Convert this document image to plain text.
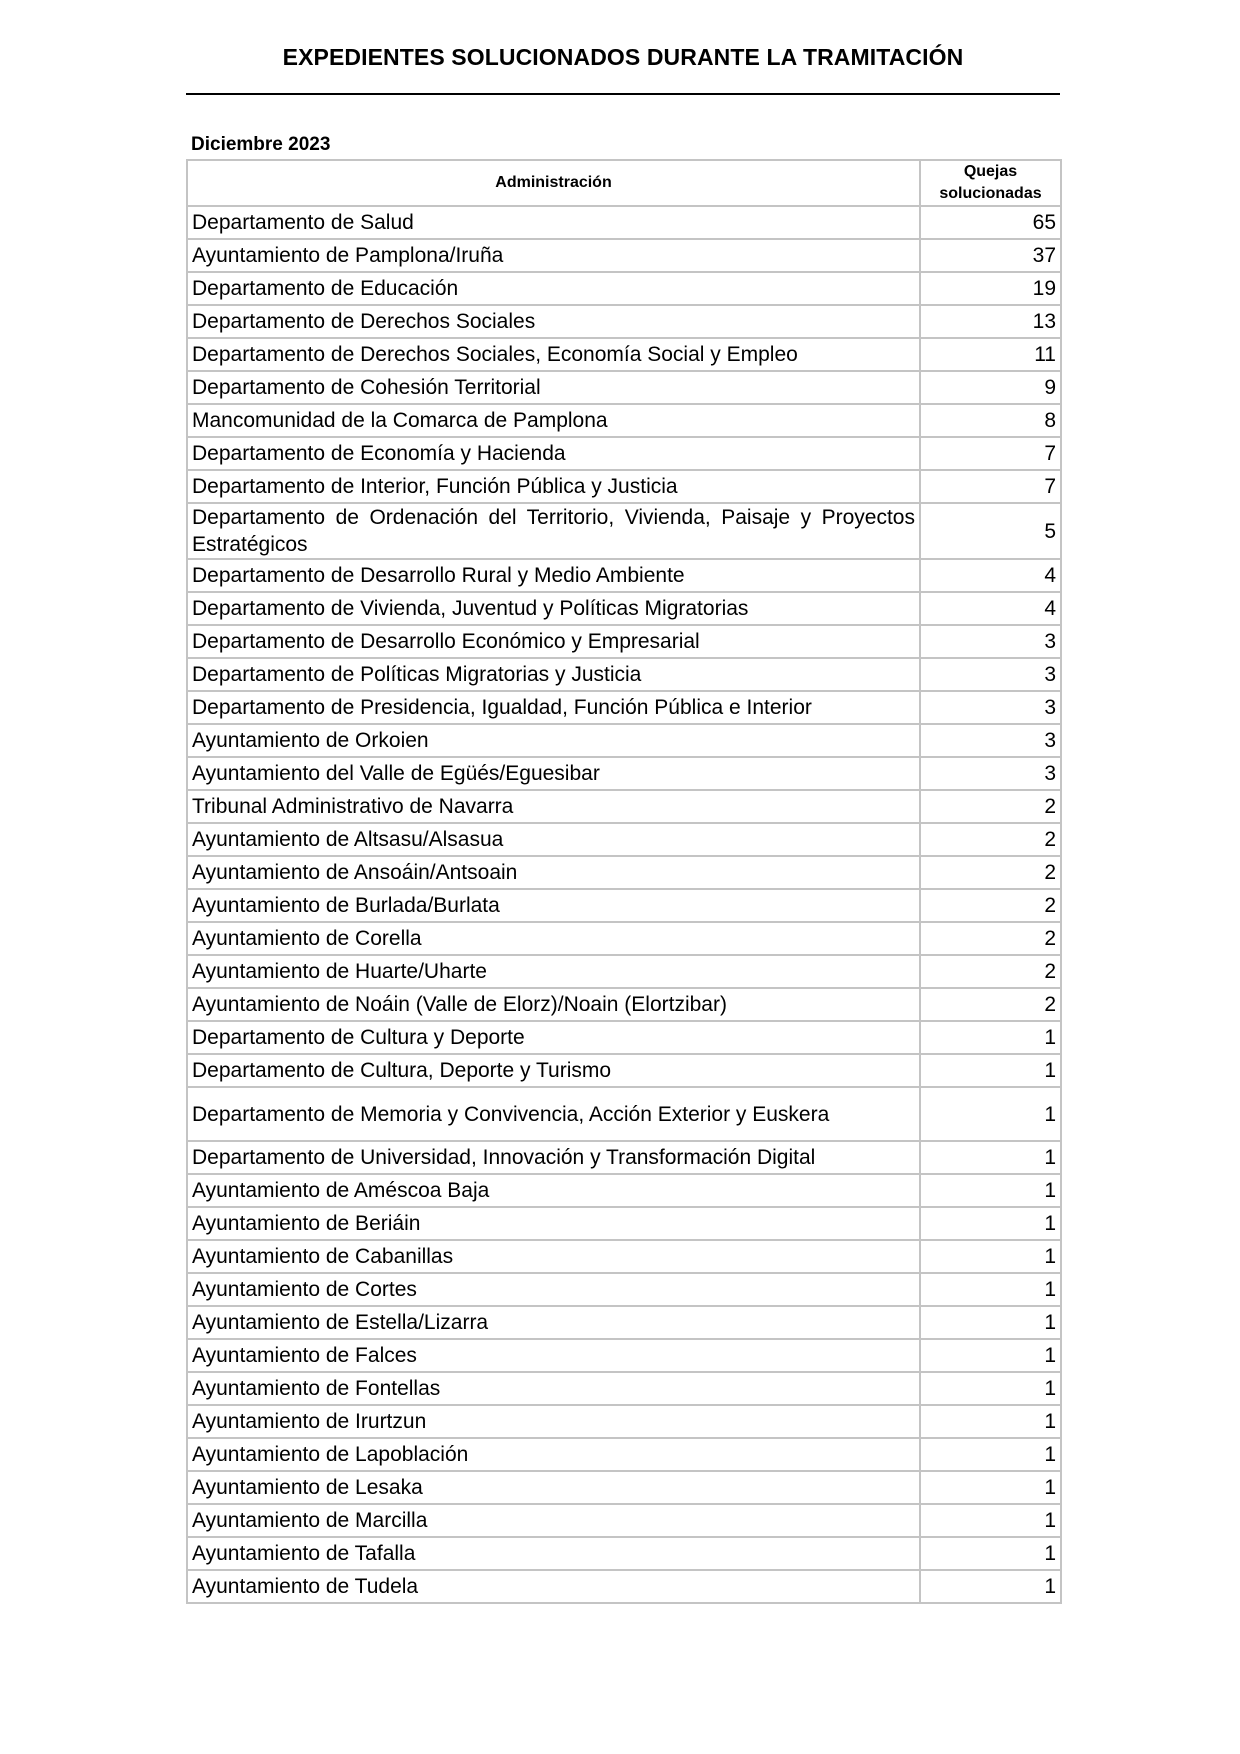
EXPEDIENTES SOLUCIONADOS DURANTE LA TRAMITACIÓN
Diciembre 2023
Administración	Quejas
solucionadas
Departamento de Salud	65
Ayuntamiento de Pamplona/Iruña	37
Departamento de Educación	19
Departamento de Derechos Sociales	13
Departamento de Derechos Sociales, Economía Social y Empleo	11
Departamento de Cohesión Territorial	9
Mancomunidad de la Comarca de Pamplona	8
Departamento de Economía y Hacienda	7
Departamento de Interior, Función Pública y Justicia	7
Departamento de Ordenación del Territorio, Vivienda, Paisaje y Proyectos Estratégicos	5
Departamento de Desarrollo Rural y Medio Ambiente	4
Departamento de Vivienda, Juventud y Políticas Migratorias	4
Departamento de Desarrollo Económico y Empresarial	3
Departamento de Políticas Migratorias y Justicia	3
Departamento de Presidencia, Igualdad, Función Pública e Interior	3
Ayuntamiento de Orkoien	3
Ayuntamiento del Valle de Egüés/Eguesibar	3
Tribunal Administrativo de Navarra	2
Ayuntamiento de Altsasu/Alsasua	2
Ayuntamiento de Ansoáin/Antsoain	2
Ayuntamiento de Burlada/Burlata	2
Ayuntamiento de Corella	2
Ayuntamiento de Huarte/Uharte	2
Ayuntamiento de Noáin (Valle de Elorz)/Noain (Elortzibar)	2
Departamento de Cultura y Deporte	1
Departamento de Cultura, Deporte y Turismo	1
Departamento de Memoria y Convivencia, Acción Exterior y Euskera	1
Departamento de Universidad, Innovación y Transformación Digital	1
Ayuntamiento de Améscoa Baja	1
Ayuntamiento de Beriáin	1
Ayuntamiento de Cabanillas	1
Ayuntamiento de Cortes	1
Ayuntamiento de Estella/Lizarra	1
Ayuntamiento de Falces	1
Ayuntamiento de Fontellas	1
Ayuntamiento de Irurtzun	1
Ayuntamiento de Lapoblación	1
Ayuntamiento de Lesaka	1
Ayuntamiento de Marcilla	1
Ayuntamiento de Tafalla	1
Ayuntamiento de Tudela	1
